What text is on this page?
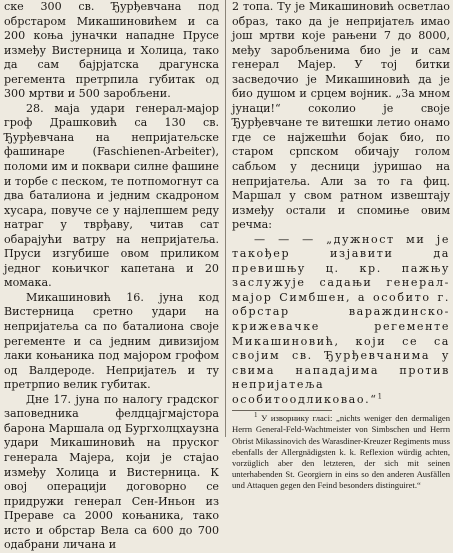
ске 300 св. Ђурђевчана под обрстаром Микашиновићем и са 200 коња јуначки нападне Прусе између Вистерница и Холица, тако да сам бајрјатска драгунска регемента претрпила губитак од 300 мртви и 500 заробљени.

28. маја удари генерал-мајор гроф Драшковић са 130 св. Ђурђевчана на непријатељске фашинаре (Faschienen-Arbeiter), поломи им и поквари силне фашине и торбе с песком, те потпомогнут са два баталиона и једним скадроном хусара, повуче се у најлепшем реду натраг у тврђаву, читав сат обарајући ватру на непријатеља. Пруси изгубише овом приликом једног коњичког капетана и 20 момака.

Микашиновић 16. јуна код Вистерница сретно удари на непријатеља са по баталиона своје регементе и са једним дивизијом лаки коњаника под мајором грофом од Валдероде. Непријатељ и ту претрпио велик губитак.

Дне 17. јуна по налогу градског заповедника фелдцајгмајстора барона Маршала од Бургхолцхаузна удари Микашиновић на пруског генерала Мајера, који је стајао између Холица и Вистерница. К овој операцији договорно се придружи генерал Сен-Иньон из Прераве са 2000 коњаника, тако исто и обрстар Вела са 600 до 700 одабрани личана и

2 топа. Ту је Микашиновић осветлао образ, тако да је непријатељ имао још мртви које рањени 7 до 8000, међу заробљенима био је и сам генерал Мајер. У тој битки засведочио је Микашиновић да је био душом и срцем војник. „За мном јунаци!“ соколио је своје Ђурђевчане те витешки летио онамо где се најжешћи бојак био, по старом српском обичају голом сабљом у десници јуришао на непријатеља. Али за то га фиц. Маршал у свом ратном извештају између остали и спомиње овим речма:

— — — „дужност ми је такођер изјавити да превишњу ц. кр. пажњу заслужује садањи генерал-мајор Симбшен, а особито г. обрстар вараждинско-крижевачке регементе Микашиновић, који се са својим св. Ђурђевчанима у свима нападајима против непријатеља особитоодликовао.“$^1$

$^1$ У изворнику глaсi: „nichts weniger den dermaligen Herrn General-Feld-Wachtmeister von Simbschen und Herrn Obrist Mikassinovich des Warasdiner-Kreuzer Regiments muss ebenfalls der Allergnädigsten k. k. Reflexion würdig achten, vorzüglich aber den letzteren, der sich mit seinen unterhabenden St. Georgiern in eins so den anderen Ausfällen und Attaquen gegen den Feind besonders distinguiret.“
